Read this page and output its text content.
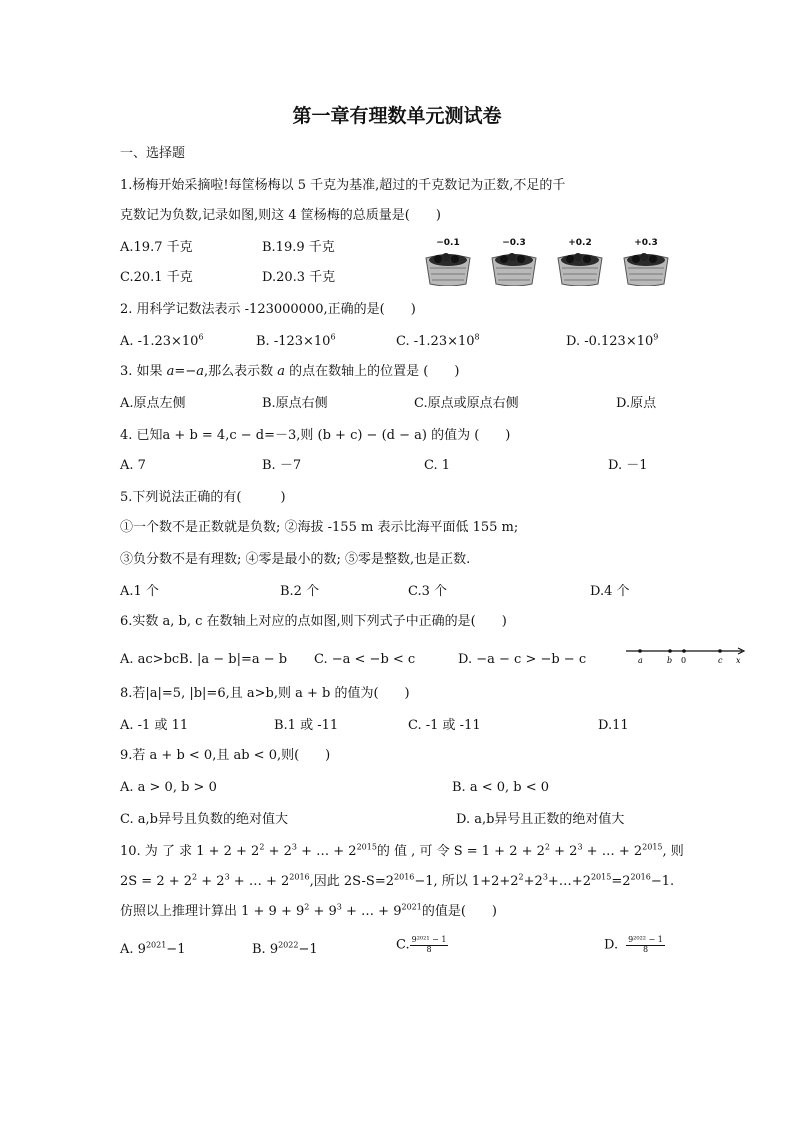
第一章有理数单元测试卷
一、选择题
1.杨梅开始采摘啦!每筐杨梅以 5 千克为基准,超过的千克数记为正数,不足的千
克数记为负数,记录如图,则这 4 筐杨梅的总质量是(　　)
A.19.7 千克	B.19.9 千克
C.20.1 千克	D.20.3 千克
−0.1	−0.3	+0.2	+0.3
2. 用科学记数法表示 -123000000,正确的是(　　)
A. $-1.23\times 10^6$	B. $-123\times 10^6$	C. $-1.23\times 10^8$	D. $-0.123\times 10^9$
3. 如果 a=−a,那么表示数 a 的点在数轴上的位置是 (　　)
A.原点左侧	B.原点右侧	C.原点或原点右侧	D.原点
4. 已知a + b = 4,c − d=－3,则 (b + c) − (d − a) 的值为 (　　)
A. 7	B. －7	C. 1	D. －1
5.下列说法正确的有(　　　)
①一个数不是正数就是负数; ②海拔 -155 m 表示比海平面低 155 m;
③负分数不是有理数; ④零是最小的数; ⑤零是整数,也是正数.
A.1 个	B.2 个	C.3 个	D.4 个
6.实数 a, b, c 在数轴上对应的点如图,则下列式子中正确的是(　　)
A. ac>bcB. |a − b|=a − b C. −a < −b < c	D. −a − c > −b − c	a	b 0	c x
8.若|a|=5, |b|=6,且 a>b,则 a + b 的值为(　　)
A. -1 或 11	B.1 或 -11	C. -1 或 -11	D.11
9.若 a + b < 0,且 ab < 0,则(　　)
A. a > 0, b > 0	B. a < 0, b < 0
C. a,b异号且负数的绝对值大	D. a,b异号且正数的绝对值大
10. 为 了 求 $1 + 2 + 2^2 + 2^3$ + … + $2^{2015}$的 值 , 可 令 $S = 1 + 2 + 2^2 + 2^3$ + … + $2^{2015}$, 则
$2S = 2 + 2^2 + 2^3$ + … + $2^{2016}$,因此 $2S-S=2^{2016}-1$, 所以 $1+2+2^2+2^3+\dots+2^{2015}=2^{2016}-1$.
仿照以上推理计算出 $1 + 9 + 9^2 + 9^3$ + … + $9^{2021}$的值是(　　)
A. $9^{2021}-1$	B. $9^{2022}-1$	C. $\frac{\text{9²⁰²¹ − 1}}{8}$	D. $\frac{\text{9²⁰²² − 1}}{8}$
